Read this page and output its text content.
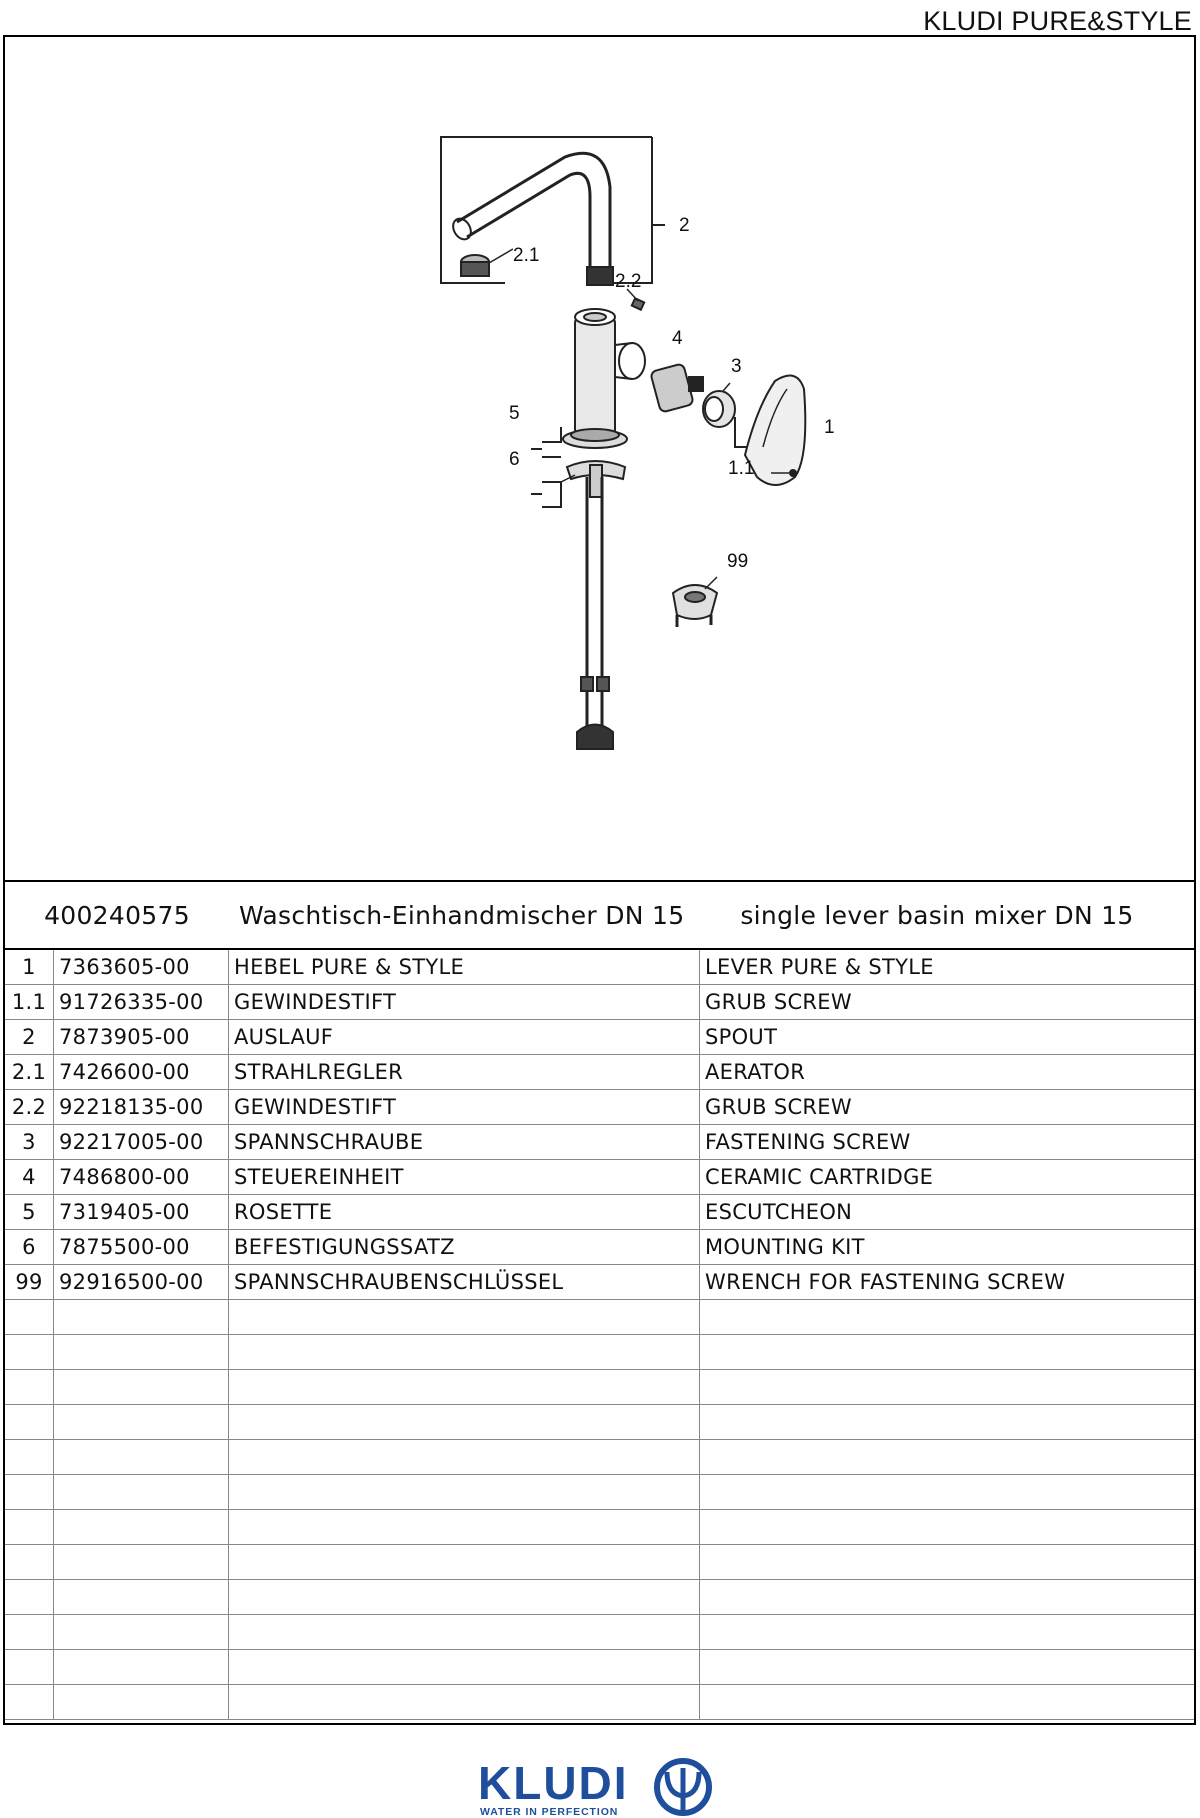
KLUDI PURE&STYLE
2
2.1
2.2
4
3
1
1.1
5
6
99
400240575	Waschtisch-Einhandmischer DN 15	single lever basin mixer DN 15
1	7363605-00	HEBEL PURE & STYLE	LEVER PURE & STYLE
1.1 91726335-00	GEWINDESTIFT	GRUB SCREW
2	7873905-00	AUSLAUF	SPOUT
2.1 7426600-00	STRAHLREGLER	AERATOR
2.2 92218135-00	GEWINDESTIFT	GRUB SCREW
3	92217005-00	SPANNSCHRAUBE	FASTENING SCREW
4	7486800-00	STEUEREINHEIT	CERAMIC CARTRIDGE
5	7319405-00	ROSETTE	ESCUTCHEON
6	7875500-00	BEFESTIGUNGSSATZ	MOUNTING KIT
99 92916500-00	SPANNSCHRAUBENSCHLÜSSEL	WRENCH FOR FASTENING SCREW
KLUDI
WATER IN PERFECTION
